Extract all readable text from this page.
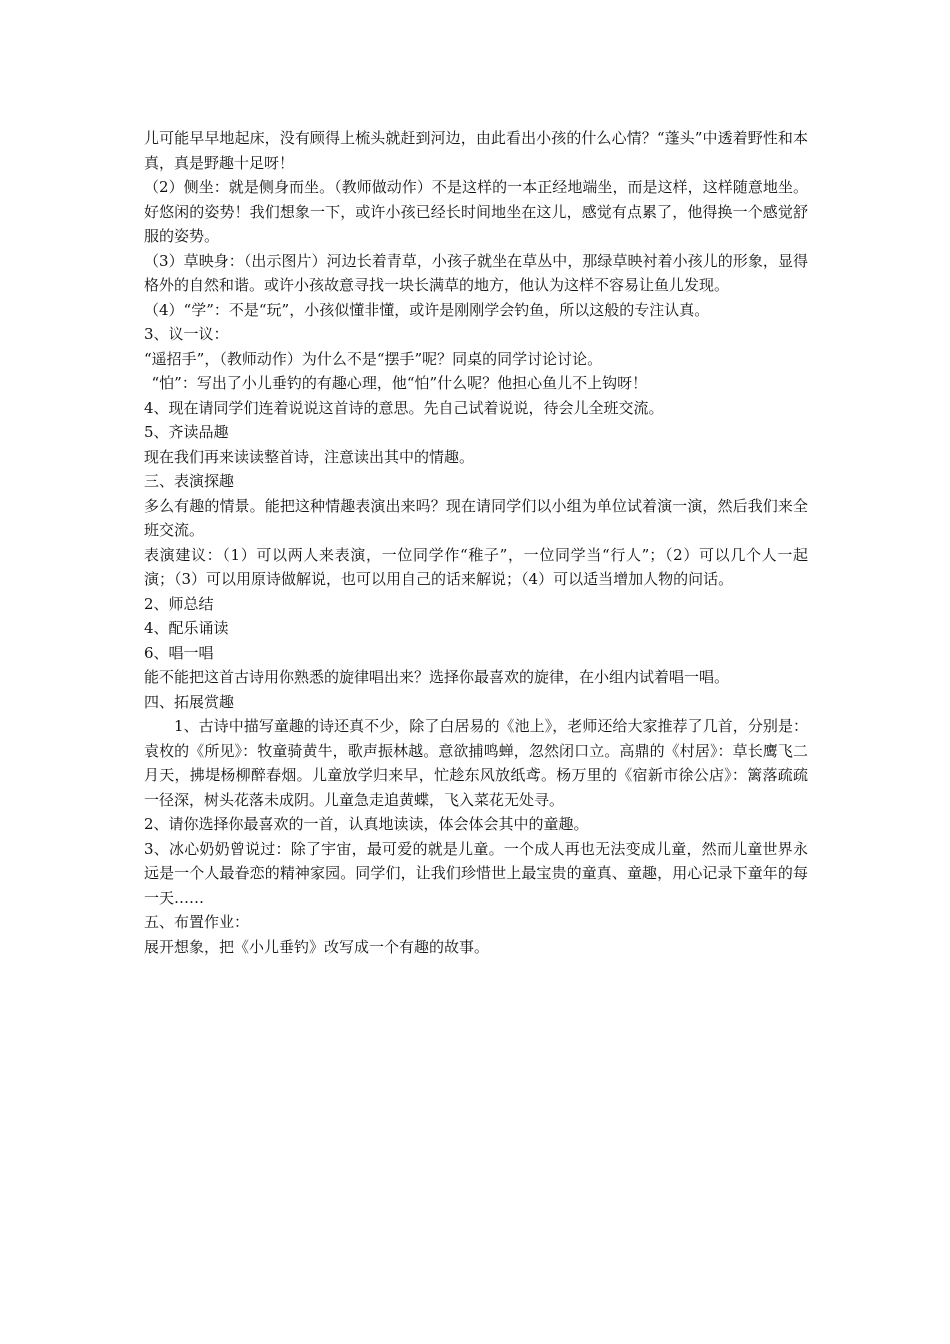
儿可能早早地起床，没有顾得上梳头就赶到河边，由此看出小孩的什么心情？“蓬头”中透着野性和本真，真是野趣十足呀！

（2）侧坐：就是侧身而坐。（教师做动作）不是这样的一本正经地端坐，而是这样，这样随意地坐。好悠闲的姿势！我们想象一下，或许小孩已经长时间地坐在这儿，感觉有点累了，他得换一个感觉舒服的姿势。

（3）草映身：（出示图片）河边长着青草，小孩子就坐在草丛中，那绿草映衬着小孩儿的形象，显得格外的自然和谐。或许小孩故意寻找一块长满草的地方，他认为这样不容易让鱼儿发现。

（4）“学”：不是“玩”，小孩似懂非懂，或许是刚刚学会钓鱼，所以这般的专注认真。

3、议一议：

“遥招手”，（教师动作）为什么不是“摆手”呢？同桌的同学讨论讨论。

“怕”：写出了小儿垂钓的有趣心理，他“怕”什么呢？他担心鱼儿不上钩呀！

4、现在请同学们连着说说这首诗的意思。先自己试着说说，待会儿全班交流。

5、齐读品趣

现在我们再来读读整首诗，注意读出其中的情趣。

三、表演探趣

多么有趣的情景。能把这种情趣表演出来吗？现在请同学们以小组为单位试着演一演，然后我们来全班交流。

表演建议：（1）可以两人来表演，一位同学作“稚子”，一位同学当“行人”；（2）可以几个人一起演；（3）可以用原诗做解说，也可以用自己的话来解说；（4）可以适当增加人物的问话。

2、师总结

4、配乐诵读

6、唱一唱

能不能把这首古诗用你熟悉的旋律唱出来？选择你最喜欢的旋律，在小组内试着唱一唱。

四、拓展赏趣

1、古诗中描写童趣的诗还真不少，除了白居易的《池上》，老师还给大家推荐了几首，分别是：袁枚的《所见》：牧童骑黄牛，歌声振林越。意欲捕鸣蝉，忽然闭口立。高鼎的《村居》：草长鹰飞二月天，拂堤杨柳醉春烟。儿童放学归来早，忙趁东风放纸鸢。杨万里的《宿新市徐公店》：篱落疏疏一径深，树头花落未成阴。儿童急走追黄蝶，飞入菜花无处寻。

2、请你选择你最喜欢的一首，认真地读读，体会体会其中的童趣。

3、冰心奶奶曾说过：除了宇宙，最可爱的就是儿童。一个成人再也无法变成儿童，然而儿童世界永远是一个人最眷恋的精神家园。同学们，让我们珍惜世上最宝贵的童真、童趣，用心记录下童年的每一天……

五、布置作业：

展开想象，把《小儿垂钓》改写成一个有趣的故事。
